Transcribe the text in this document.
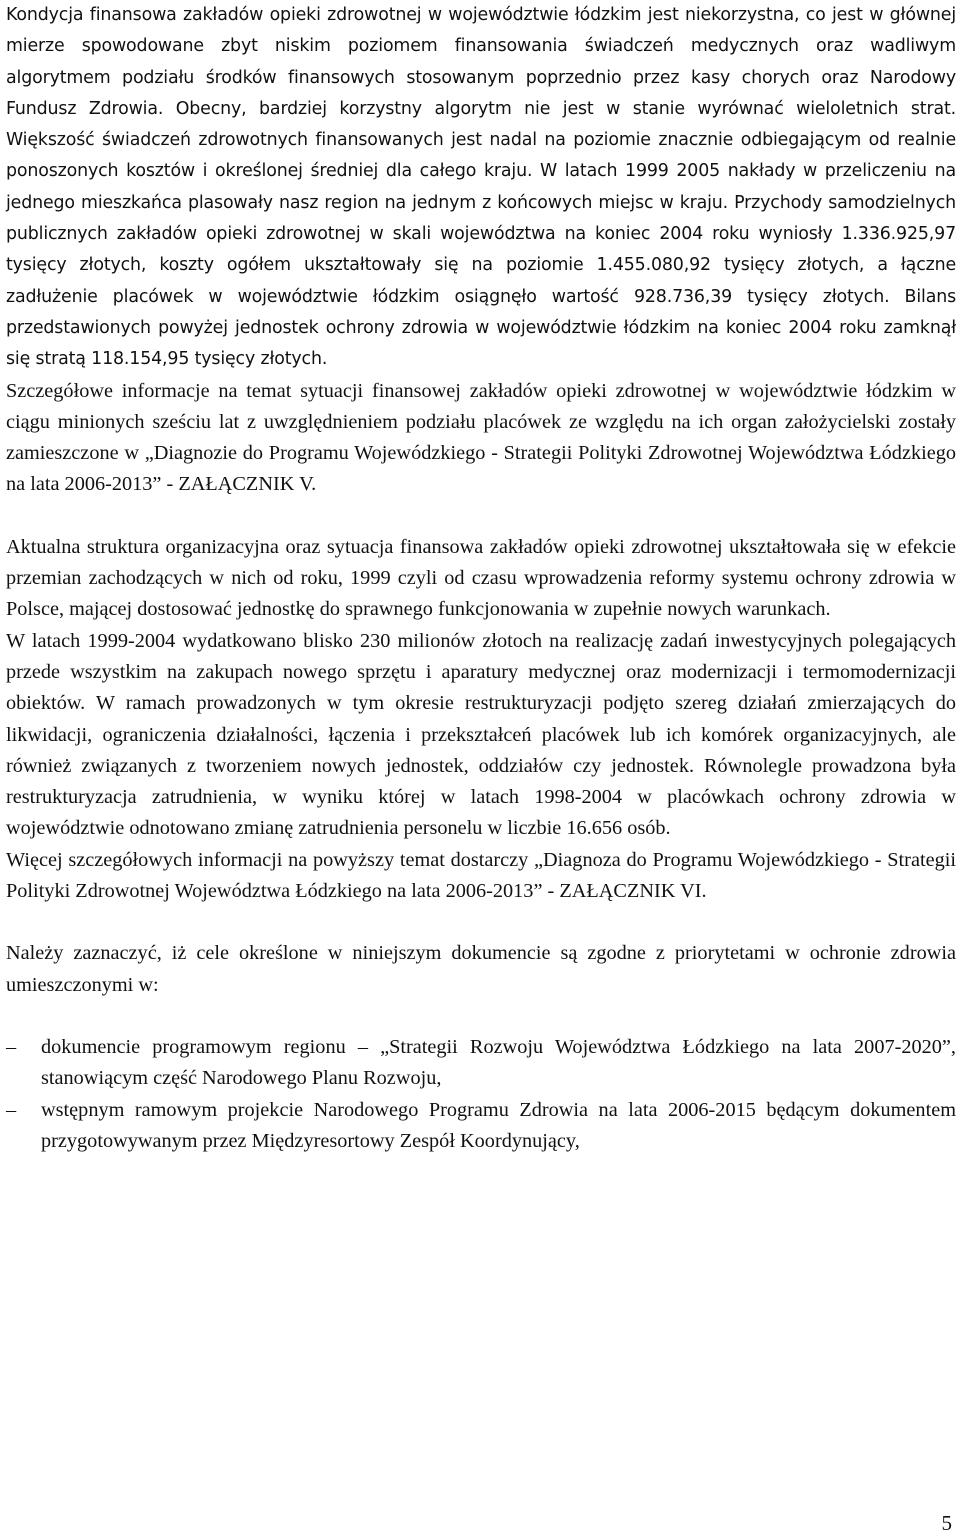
Kondycja finansowa zakładów opieki zdrowotnej w województwie łódzkim jest niekorzystna, co jest w głównej mierze spowodowane zbyt niskim poziomem finansowania świadczeń medycznych oraz wadliwym algorytmem podziału środków finansowych stosowanym poprzednio przez kasy chorych oraz Narodowy Fundusz Zdrowia. Obecny, bardziej korzystny algorytm nie jest w stanie wyrównać wieloletnich strat. Większość świadczeń zdrowotnych finansowanych jest nadal na poziomie znacznie odbiegającym od realnie ponoszonych kosztów i określonej średniej dla całego kraju. W latach 1999 2005 nakłady w przeliczeniu na jednego mieszkańca plasowały nasz region na jednym z końcowych miejsc w kraju. Przychody samodzielnych publicznych zakładów opieki zdrowotnej w skali województwa na koniec 2004 roku wyniosły 1.336.925,97 tysięcy złotych, koszty ogółem ukształtowały się na poziomie 1.455.080,92 tysięcy złotych, a łączne zadłużenie placówek w województwie łódzkim osiągnęło wartość 928.736,39 tysięcy złotych. Bilans przedstawionych powyżej jednostek ochrony zdrowia w województwie łódzkim na koniec 2004 roku zamknął się stratą 118.154,95 tysięcy złotych.

Szczegółowe informacje na temat sytuacji finansowej zakładów opieki zdrowotnej w województwie łódzkim w ciągu minionych sześciu lat z uwzględnieniem podziału placówek ze względu na ich organ założycielski zostały zamieszczone w „Diagnozie do Programu Wojewódzkiego - Strategii Polityki Zdrowotnej Województwa Łódzkiego na lata 2006-2013” - ZAŁĄCZNIK V.

Aktualna struktura organizacyjna oraz sytuacja finansowa zakładów opieki zdrowotnej ukształtowała się w efekcie przemian zachodzących w nich od roku, 1999 czyli od czasu wprowadzenia reformy systemu ochrony zdrowia w Polsce, mającej dostosować jednostkę do sprawnego funkcjonowania w zupełnie nowych warunkach.

W latach 1999-2004 wydatkowano blisko 230 milionów złotoch na realizację zadań inwestycyjnych polegających przede wszystkim na zakupach nowego sprzętu i aparatury medycznej oraz modernizacji i termomodernizacji obiektów. W ramach prowadzonych w tym okresie restrukturyzacji podjęto szereg działań zmierzających do likwidacji, ograniczenia działalności, łączenia i przekształceń placówek lub ich komórek organizacyjnych, ale również związanych z tworzeniem nowych jednostek, oddziałów czy jednostek. Równolegle prowadzona była restrukturyzacja zatrudnienia, w wyniku której w latach 1998-2004 w placówkach ochrony zdrowia w województwie odnotowano zmianę zatrudnienia personelu w liczbie 16.656 osób.

Więcej szczegółowych informacji na powyższy temat dostarczy „Diagnoza do Programu Wojewódzkiego - Strategii Polityki Zdrowotnej Województwa Łódzkiego na lata 2006-2013” - ZAŁĄCZNIK VI.

Należy zaznaczyć, iż cele określone w niniejszym dokumencie są zgodne z priorytetami w ochronie zdrowia umieszczonymi w:

– dokumencie programowym regionu – „Strategii Rozwoju Województwa Łódzkiego na lata 2007-2020”, stanowiącym część Narodowego Planu Rozwoju,
– wstępnym ramowym projekcie Narodowego Programu Zdrowia na lata 2006-2015 będącym dokumentem przygotowywanym przez Międzyresortowy Zespół Koordynujący,
5
